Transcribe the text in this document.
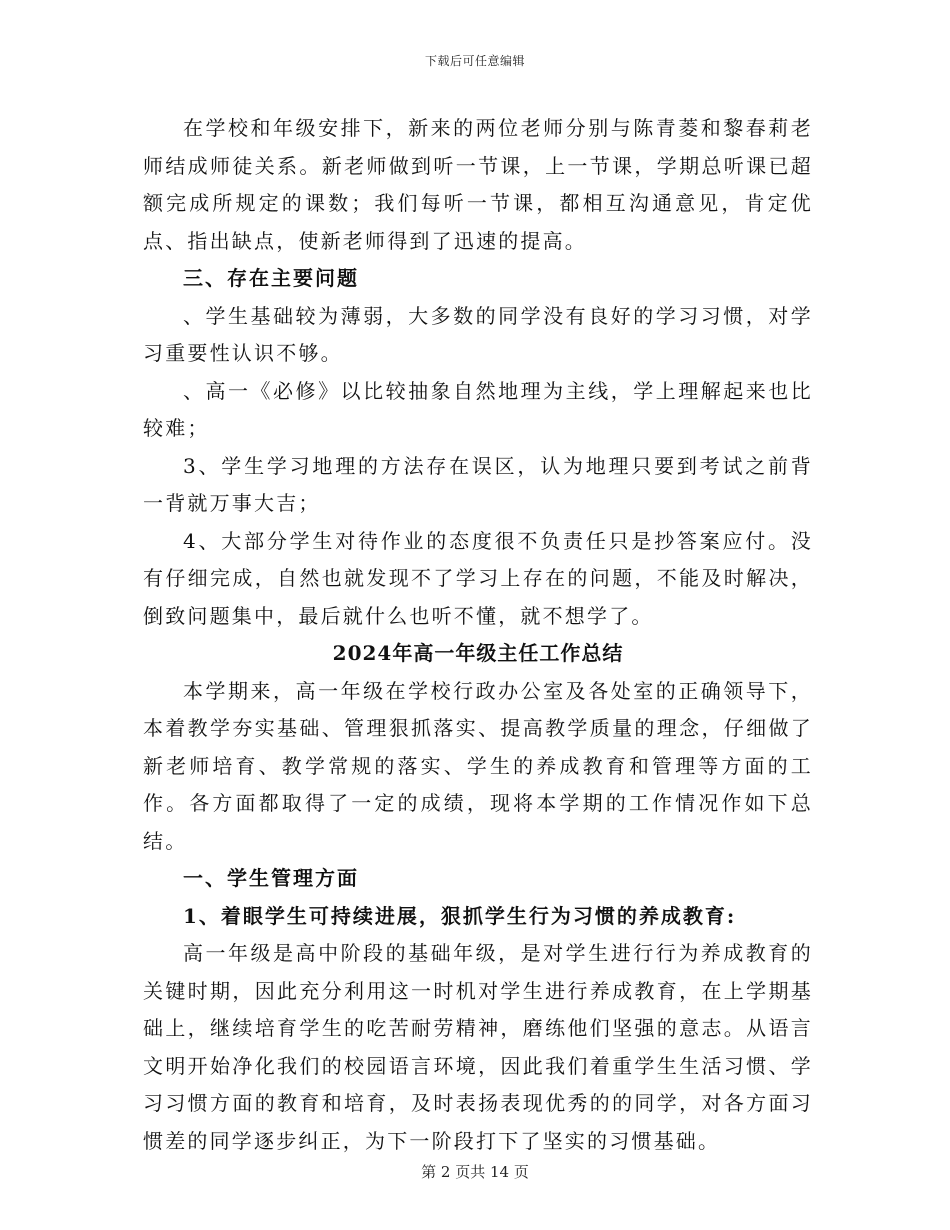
下载后可任意编辑

在学校和年级安排下，新来的两位老师分别与陈青菱和黎春莉老师结成师徒关系。新老师做到听一节课，上一节课，学期总听课已超额完成所规定的课数；我们每听一节课，都相互沟通意见，肯定优点、指出缺点，使新老师得到了迅速的提高。

三、存在主要问题

、学生基础较为薄弱，大多数的同学没有良好的学习习惯，对学习重要性认识不够。

、高一《必修》以比较抽象自然地理为主线，学上理解起来也比较难；

3、学生学习地理的方法存在误区，认为地理只要到考试之前背一背就万事大吉；

4、大部分学生对待作业的态度很不负责任只是抄答案应付。没有仔细完成，自然也就发现不了学习上存在的问题，不能及时解决，倒致问题集中，最后就什么也听不懂，就不想学了。

2024年高一年级主任工作总结

本学期来，高一年级在学校行政办公室及各处室的正确领导下，本着教学夯实基础、管理狠抓落实、提高教学质量的理念，仔细做了新老师培育、教学常规的落实、学生的养成教育和管理等方面的工作。各方面都取得了一定的成绩，现将本学期的工作情况作如下总结。

一、学生管理方面

1、着眼学生可持续进展，狠抓学生行为习惯的养成教育:

高一年级是高中阶段的基础年级，是对学生进行行为养成教育的关键时期，因此充分利用这一时机对学生进行养成教育，在上学期基础上，继续培育学生的吃苦耐劳精神，磨练他们坚强的意志。从语言文明开始净化我们的校园语言环境，因此我们着重学生生活习惯、学习习惯方面的教育和培育，及时表扬表现优秀的的同学，对各方面习惯差的同学逐步纠正，为下一阶段打下了坚实的习惯基础。

第 2 页共 14 页
